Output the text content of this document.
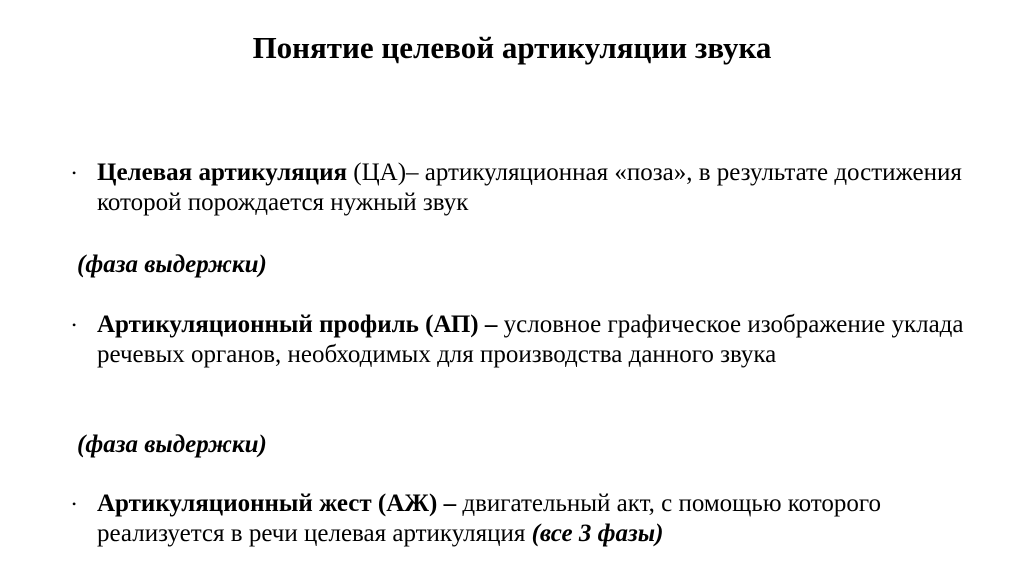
Понятие целевой артикуляции звука
• Целевая артикуляция (ЦА)– артикуляционная «поза», в результате достижения которой порождается нужный звук
(фаза выдержки)
• Артикуляционный профиль (АП) – условное графическое изображение уклада речевых органов, необходимых для производства данного звука
(фаза выдержки)
• Артикуляционный жест (АЖ) – двигательный акт, с помощью которого реализуется в речи целевая артикуляция (все 3 фазы)
